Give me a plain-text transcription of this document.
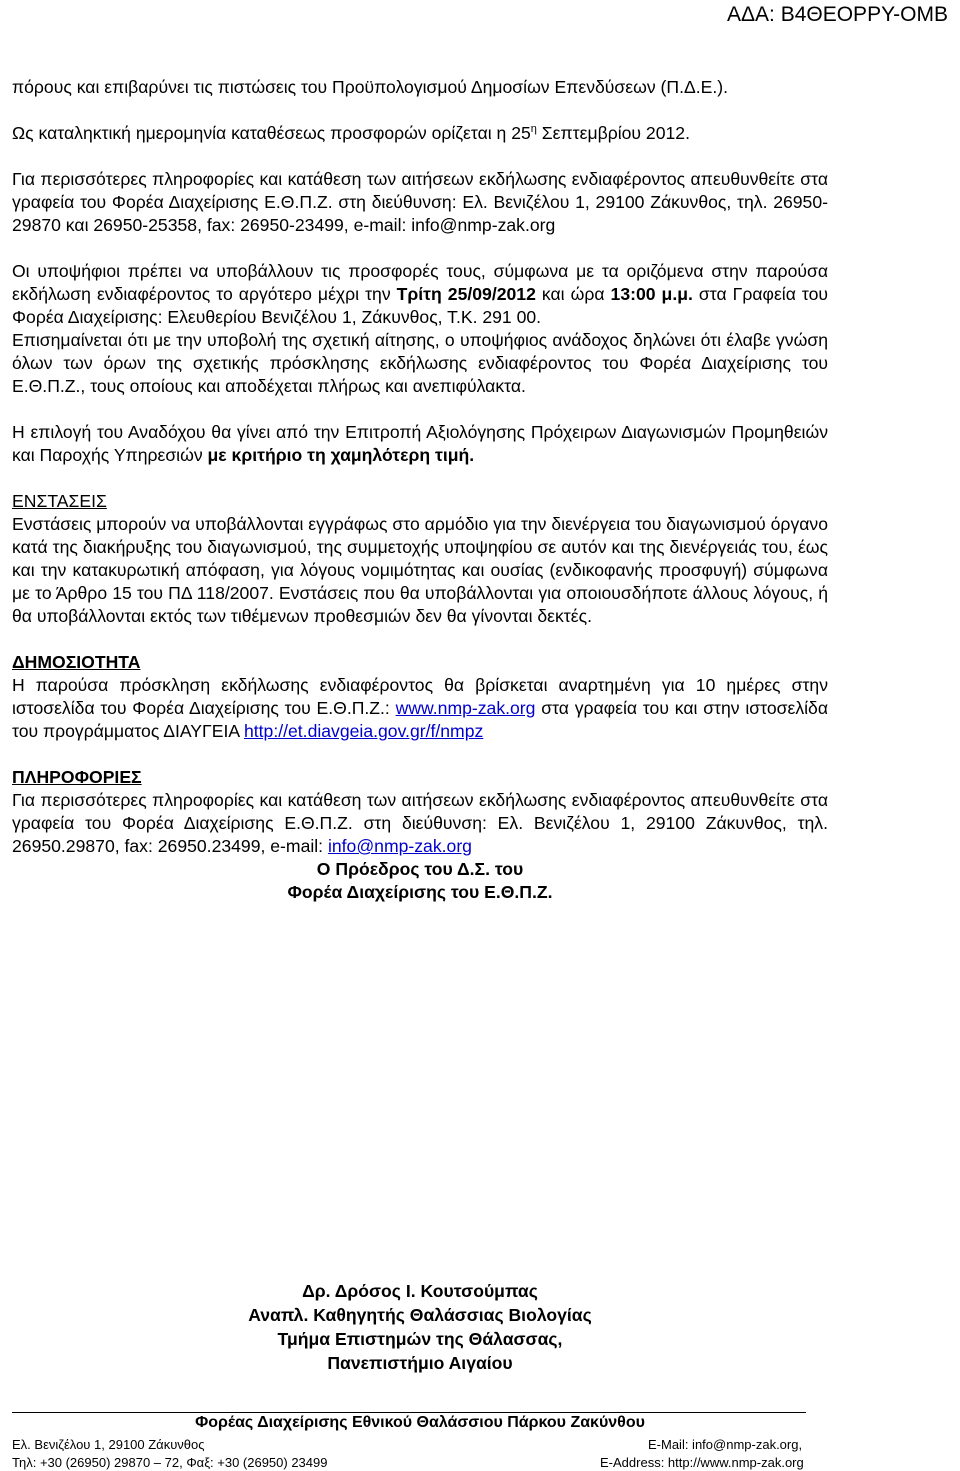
ΑΔΑ: Β4ΘΕΟΡΡΥ-ΟΜΒ

πόρους και επιβαρύνει τις πιστώσεις του Προϋπολογισμού Δημοσίων Επενδύσεων (Π.Δ.Ε.).

Ως καταληκτική ημερομηνία καταθέσεως προσφορών ορίζεται η $25^\eta$ Σεπτεμβρίου 2012.

Για περισσότερες πληροφορίες και κατάθεση των αιτήσεων εκδήλωσης ενδιαφέροντος απευθυνθείτε στα γραφεία του Φορέα Διαχείρισης Ε.Θ.Π.Ζ. στη διεύθυνση: Ελ. Βενιζέλου 1, 29100 Ζάκυνθος, τηλ. 26950-29870 και 26950-25358, fax: 26950-23499, e-mail: info@nmp-zak.org

Οι υποψήφιοι πρέπει να υποβάλλουν τις προσφορές τους, σύμφωνα με τα οριζόμενα στην παρούσα εκδήλωση ενδιαφέροντος το αργότερο μέχρι την Τρίτη 25/09/2012 και ώρα 13:00 μ.μ. στα Γραφεία του Φορέα Διαχείρισης: Ελευθερίου Βενιζέλου 1, Ζάκυνθος, Τ.Κ. 291 00.

Επισημαίνεται ότι με την υποβολή της σχετική αίτησης, ο υποψήφιος ανάδοχος δηλώνει ότι έλαβε γνώση όλων των όρων της σχετικής πρόσκλησης εκδήλωσης ενδιαφέροντος του Φορέα Διαχείρισης του Ε.Θ.Π.Ζ., τους οποίους και αποδέχεται πλήρως και ανεπιφύλακτα.

Η επιλογή του Αναδόχου θα γίνει από την Επιτροπή Αξιολόγησης Πρόχειρων Διαγωνισμών Προμηθειών και Παροχής Υπηρεσιών με κριτήριο τη χαμηλότερη τιμή.

ΕΝΣΤΑΣΕΙΣ

Ενστάσεις μπορούν να υποβάλλονται εγγράφως στο αρμόδιο για την διενέργεια του διαγωνισμού όργανο κατά της διακήρυξης του διαγωνισμού, της συμμετοχής υποψηφίου σε αυτόν και της διενέργειάς του, έως και την κατακυρωτική απόφαση, για λόγους νομιμότητας και ουσίας (ενδικοφανής προσφυγή) σύμφωνα με το Άρθρο 15 του ΠΔ 118/2007. Ενστάσεις που θα υποβάλλονται για οποιουσδήποτε άλλους λόγους, ή θα υποβάλλονται εκτός των τιθέμενων προθεσμιών δεν θα γίνονται δεκτές.

ΔΗΜΟΣΙΟΤΗΤΑ

Η παρούσα πρόσκληση εκδήλωσης ενδιαφέροντος θα βρίσκεται αναρτημένη για 10 ημέρες στην ιστοσελίδα του Φορέα Διαχείρισης του Ε.Θ.Π.Ζ.: www.nmp-zak.org στα γραφεία του και στην ιστοσελίδα του προγράμματος ΔΙΑΥΓΕΙΑ http://et.diavgeia.gov.gr/f/nmpz

ΠΛΗΡΟΦΟΡΙΕΣ

Για περισσότερες πληροφορίες και κατάθεση των αιτήσεων εκδήλωσης ενδιαφέροντος απευθυνθείτε στα γραφεία του Φορέα Διαχείρισης Ε.Θ.Π.Ζ. στη διεύθυνση: Ελ. Βενιζέλου 1, 29100 Ζάκυνθος, τηλ. 26950.29870, fax: 26950.23499, e-mail: info@nmp-zak.org

Ο Πρόεδρος του Δ.Σ. του

Φορέα Διαχείρισης του Ε.Θ.Π.Ζ.

Δρ. Δρόσος Ι. Κουτσούμπας
Αναπλ. Καθηγητής Θαλάσσιας Βιολογίας
Τμήμα Επιστημών της Θάλασσας,
Πανεπιστήμιο Αιγαίου
Φορέας Διαχείρισης Εθνικού Θαλάσσιου Πάρκου Ζακύνθου
Ελ. Βενιζέλου 1, 29100 Ζάκυνθος
Τηλ: +30 (26950) 29870 – 72, Φαξ: +30 (26950) 23499
E-Mail: info@nmp-zak.org,
E-Address: http://www.nmp-zak.org
